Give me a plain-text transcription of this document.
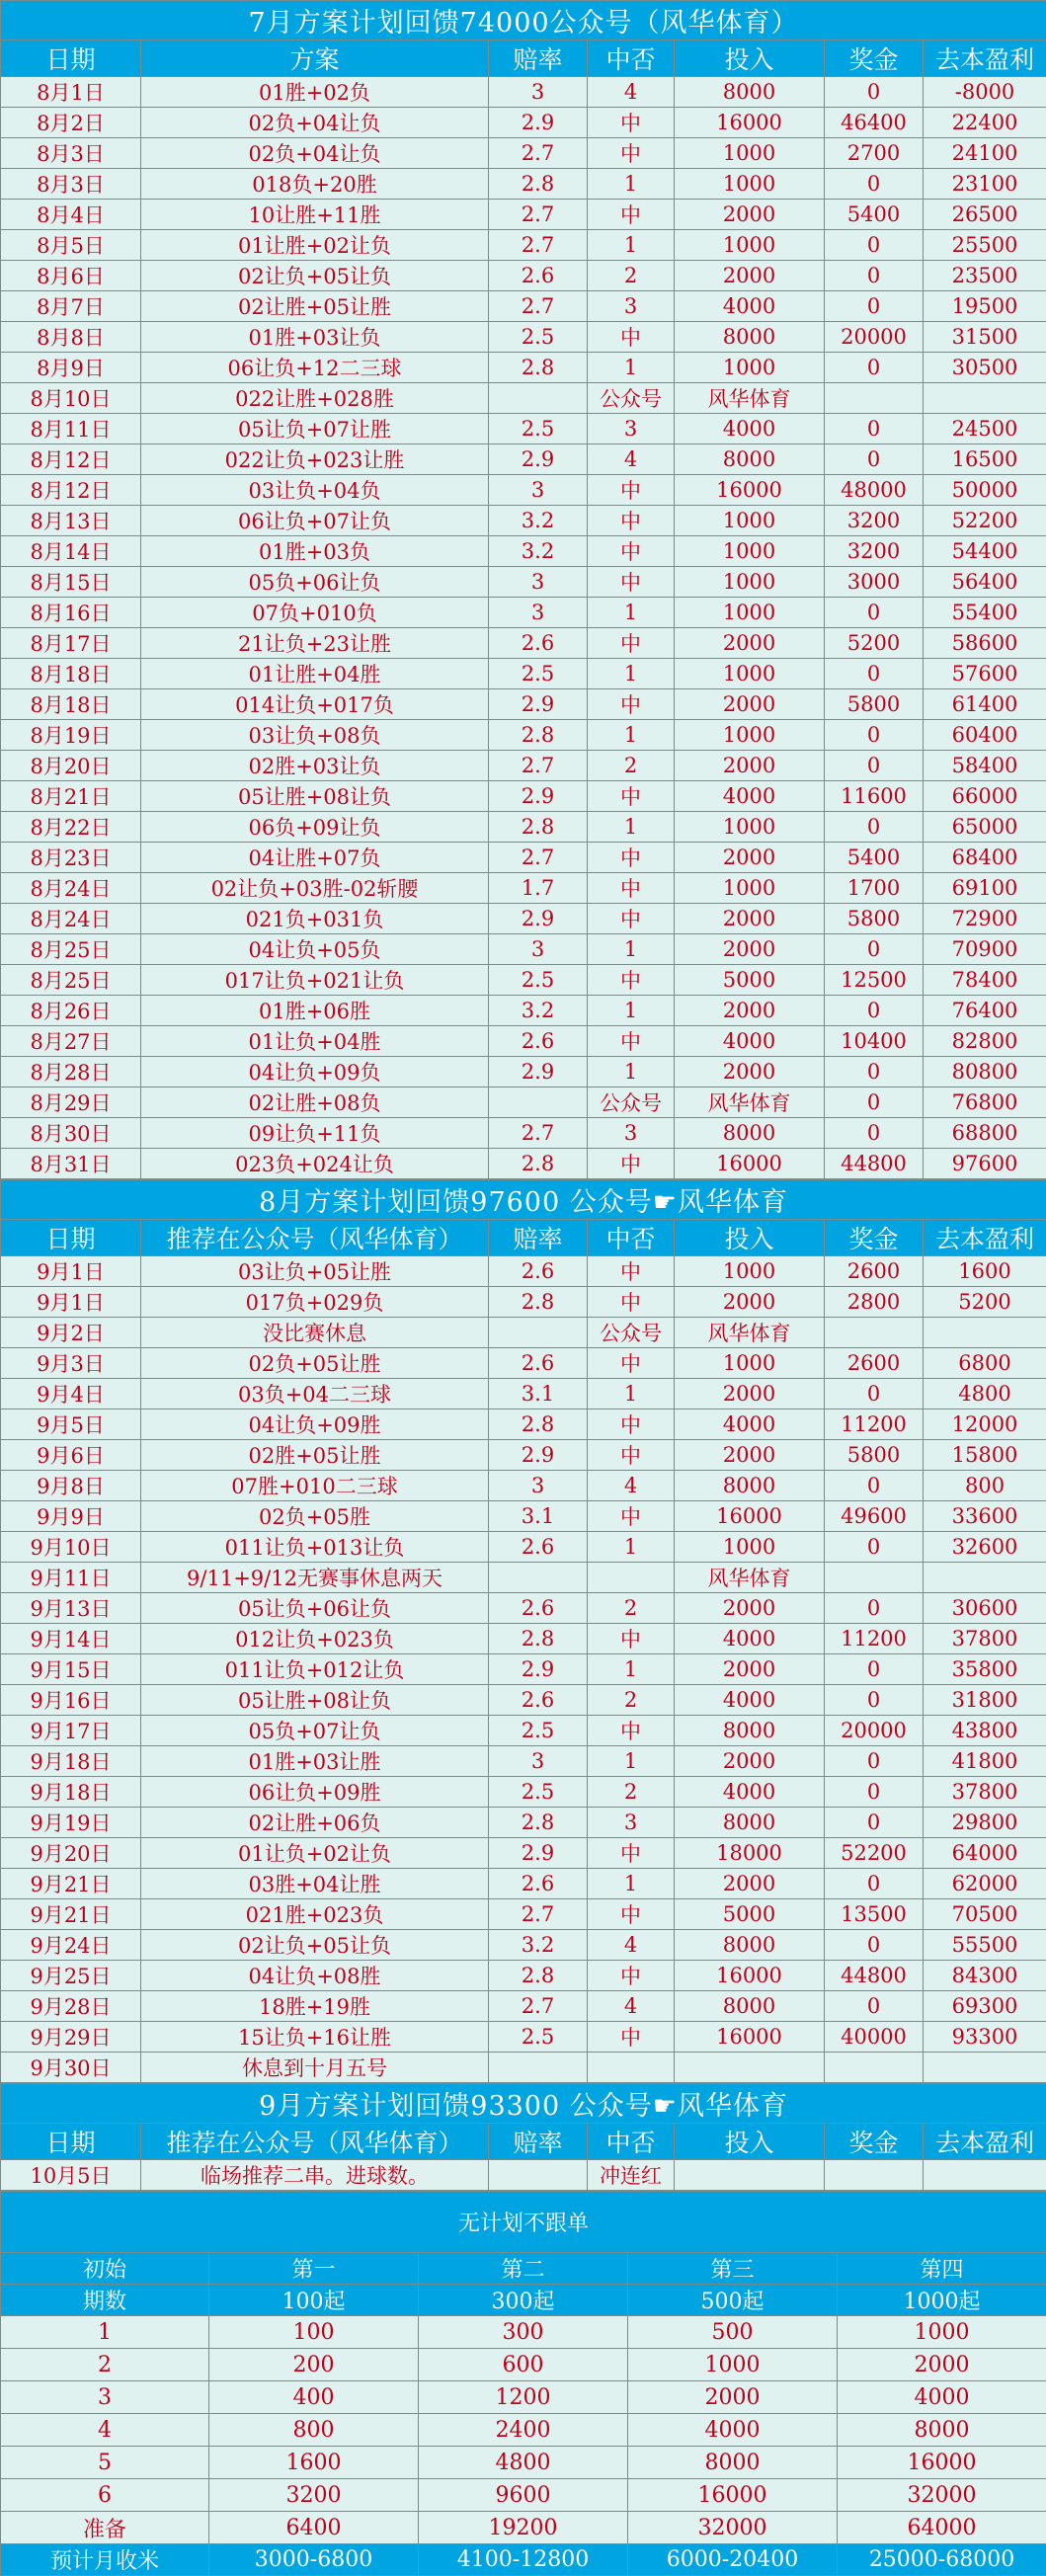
7月方案计划回馈74000公众号（风华体育）						
日期	方案	赔率	中否	投入	奖金	去本盈利
8月1日	01胜+02负	3	4	8000	0	-8000
8月2日	02负+04让负	2.9	中	16000	46400	22400
8月3日	02负+04让负	2.7	中	1000	2700	24100
8月3日	018负+20胜	2.8	1	1000	0	23100
8月4日	10让胜+11胜	2.7	中	2000	5400	26500
8月5日	01让胜+02让负	2.7	1	1000	0	25500
8月6日	02让负+05让负	2.6	2	2000	0	23500
8月7日	02让胜+05让胜	2.7	3	4000	0	19500
8月8日	01胜+03让负	2.5	中	8000	20000	31500
8月9日	06让负+12二三球	2.8	1	1000	0	30500
8月10日	022让胜+028胜		公众号	风华体育		
8月11日	05让负+07让胜	2.5	3	4000	0	24500
8月12日	022让负+023让胜	2.9	4	8000	0	16500
8月12日	03让负+04负	3	中	16000	48000	50000
8月13日	06让负+07让负	3.2	中	1000	3200	52200
8月14日	01胜+03负	3.2	中	1000	3200	54400
8月15日	05负+06让负	3	中	1000	3000	56400
8月16日	07负+010负	3	1	1000	0	55400
8月17日	21让负+23让胜	2.6	中	2000	5200	58600
8月18日	01让胜+04胜	2.5	1	1000	0	57600
8月18日	014让负+017负	2.9	中	2000	5800	61400
8月19日	03让负+08负	2.8	1	1000	0	60400
8月20日	02胜+03让负	2.7	2	2000	0	58400
8月21日	05让胜+08让负	2.9	中	4000	11600	66000
8月22日	06负+09让负	2.8	1	1000	0	65000
8月23日	04让胜+07负	2.7	中	2000	5400	68400
8月24日	02让负+03胜-02斩腰	1.7	中	1000	1700	69100
8月24日	021负+031负	2.9	中	2000	5800	72900
8月25日	04让负+05负	3	1	2000	0	70900
8月25日	017让负+021让负	2.5	中	5000	12500	78400
8月26日	01胜+06胜	3.2	1	2000	0	76400
8月27日	01让负+04胜	2.6	中	4000	10400	82800
8月28日	04让负+09负	2.9	1	2000	0	80800
8月29日	02让胜+08负		公众号	风华体育	0	76800
8月30日	09让负+11负	2.7	3	8000	0	68800
8月31日	023负+024让负	2.8	中	16000	44800	97600
8月方案计划回馈97600 公众号☛风华体育						
日期	推荐在公众号（风华体育）	赔率	中否	投入	奖金	去本盈利
9月1日	03让负+05让胜	2.6	中	1000	2600	1600
9月1日	017负+029负	2.8	中	2000	2800	5200
9月2日	没比赛休息		公众号	风华体育		
9月3日	02负+05让胜	2.6	中	1000	2600	6800
9月4日	03负+04二三球	3.1	1	2000	0	4800
9月5日	04让负+09胜	2.8	中	4000	11200	12000
9月6日	02胜+05让胜	2.9	中	2000	5800	15800
9月8日	07胜+010二三球	3	4	8000	0	800
9月9日	02负+05胜	3.1	中	16000	49600	33600
9月10日	011让负+013让负	2.6	1	1000	0	32600
9月11日	9/11+9/12无赛事休息两天			风华体育		
9月13日	05让负+06让负	2.6	2	2000	0	30600
9月14日	012让负+023负	2.8	中	4000	11200	37800
9月15日	011让负+012让负	2.9	1	2000	0	35800
9月16日	05让胜+08让负	2.6	2	4000	0	31800
9月17日	05负+07让负	2.5	中	8000	20000	43800
9月18日	01胜+03让胜	3	1	2000	0	41800
9月18日	06让负+09胜	2.5	2	4000	0	37800
9月19日	02让胜+06负	2.8	3	8000	0	29800
9月20日	01让负+02让负	2.9	中	18000	52200	64000
9月21日	03胜+04让胜	2.6	1	2000	0	62000
9月21日	021胜+023负	2.7	中	5000	13500	70500
9月24日	02让负+05让负	3.2	4	8000	0	55500
9月25日	04让负+08胜	2.8	中	16000	44800	84300
9月28日	18胜+19胜	2.7	4	8000	0	69300
9月29日	15让负+16让胜	2.5	中	16000	40000	93300
9月30日	休息到十月五号					
9月方案计划回馈93300 公众号☛风华体育						
日期	推荐在公众号（风华体育）	赔率	中否	投入	奖金	去本盈利
10月5日	临场推荐二串。进球数。		冲连红			
无计划不跟单				
初始	第一	第二	第三	第四
期数	100起	300起	500起	1000起
1	100	300	500	1000
2	200	600	1000	2000
3	400	1200	2000	4000
4	800	2400	4000	8000
5	1600	4800	8000	16000
6	3200	9600	16000	32000
准备	6400	19200	32000	64000
预计月收米	3000-6800	4100-12800	6000-20400	25000-68000
